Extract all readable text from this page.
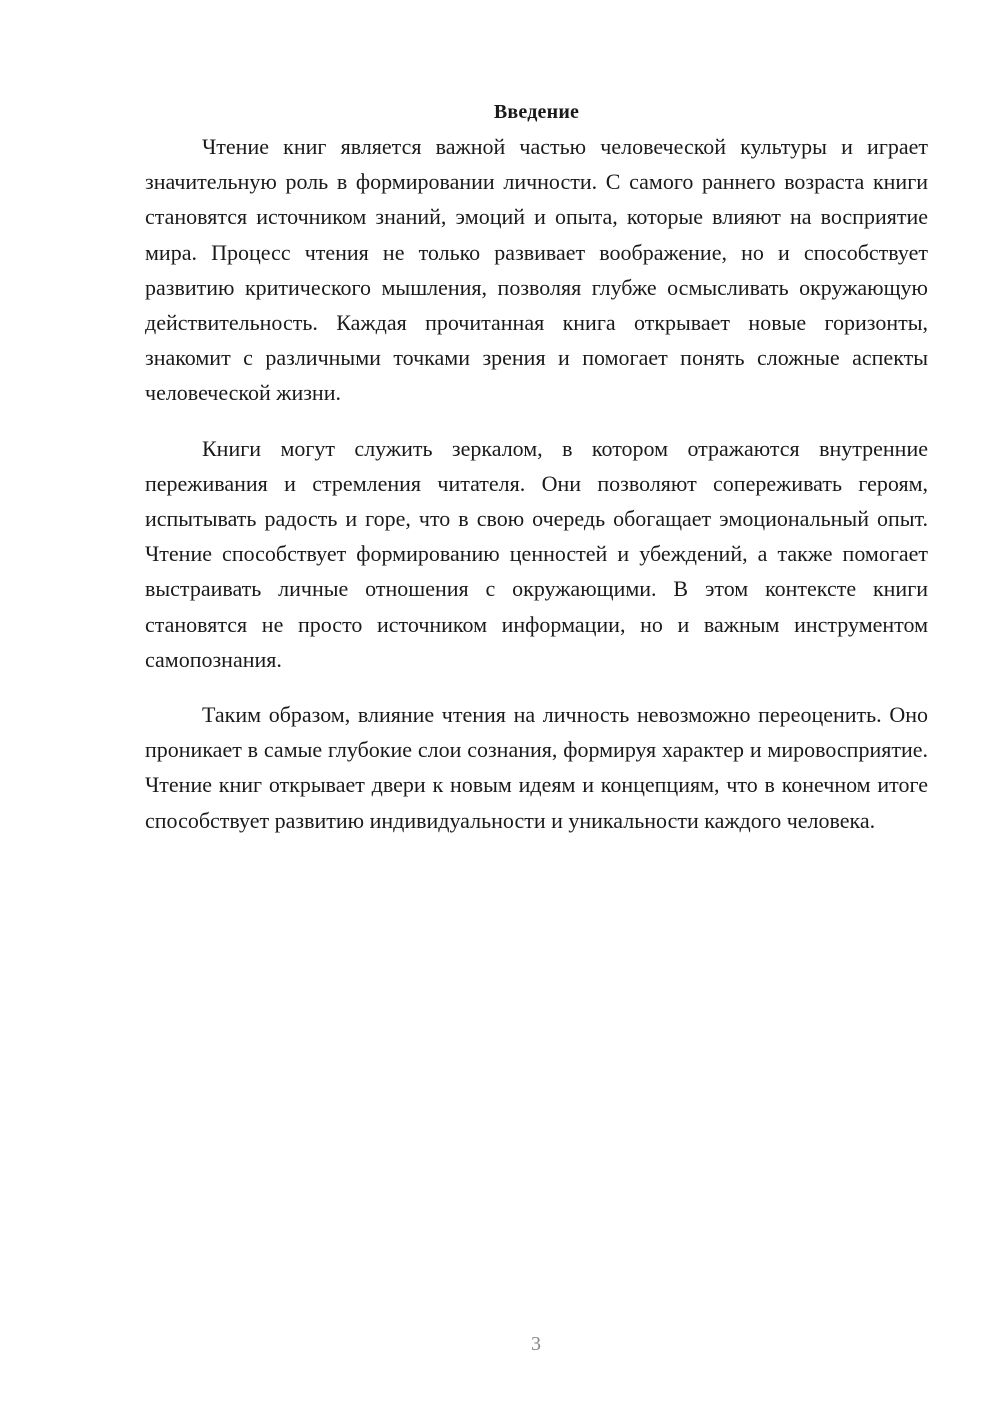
Введение

Чтение книг является важной частью человеческой культуры и играет значительную роль в формировании личности. С самого раннего возраста книги становятся источником знаний, эмоций и опыта, которые влияют на восприятие мира. Процесс чтения не только развивает воображение, но и способствует развитию критического мышления, позволяя глубже осмысливать окружающую действительность. Каждая прочитанная книга открывает новые горизонты, знакомит с различными точками зрения и помогает понять сложные аспекты человеческой жизни.

Книги могут служить зеркалом, в котором отражаются внутренние переживания и стремления читателя. Они позволяют сопереживать героям, испытывать радость и горе, что в свою очередь обогащает эмоциональный опыт. Чтение способствует формированию ценностей и убеждений, а также помогает выстраивать личные отношения с окружающими. В этом контексте книги становятся не просто источником информации, но и важным инструментом самопознания.

Таким образом, влияние чтения на личность невозможно переоценить. Оно проникает в самые глубокие слои сознания, формируя характер и мировосприятие. Чтение книг открывает двери к новым идеям и концепциям, что в конечном итоге способствует развитию индивидуальности и уникальности каждого человека.

3
